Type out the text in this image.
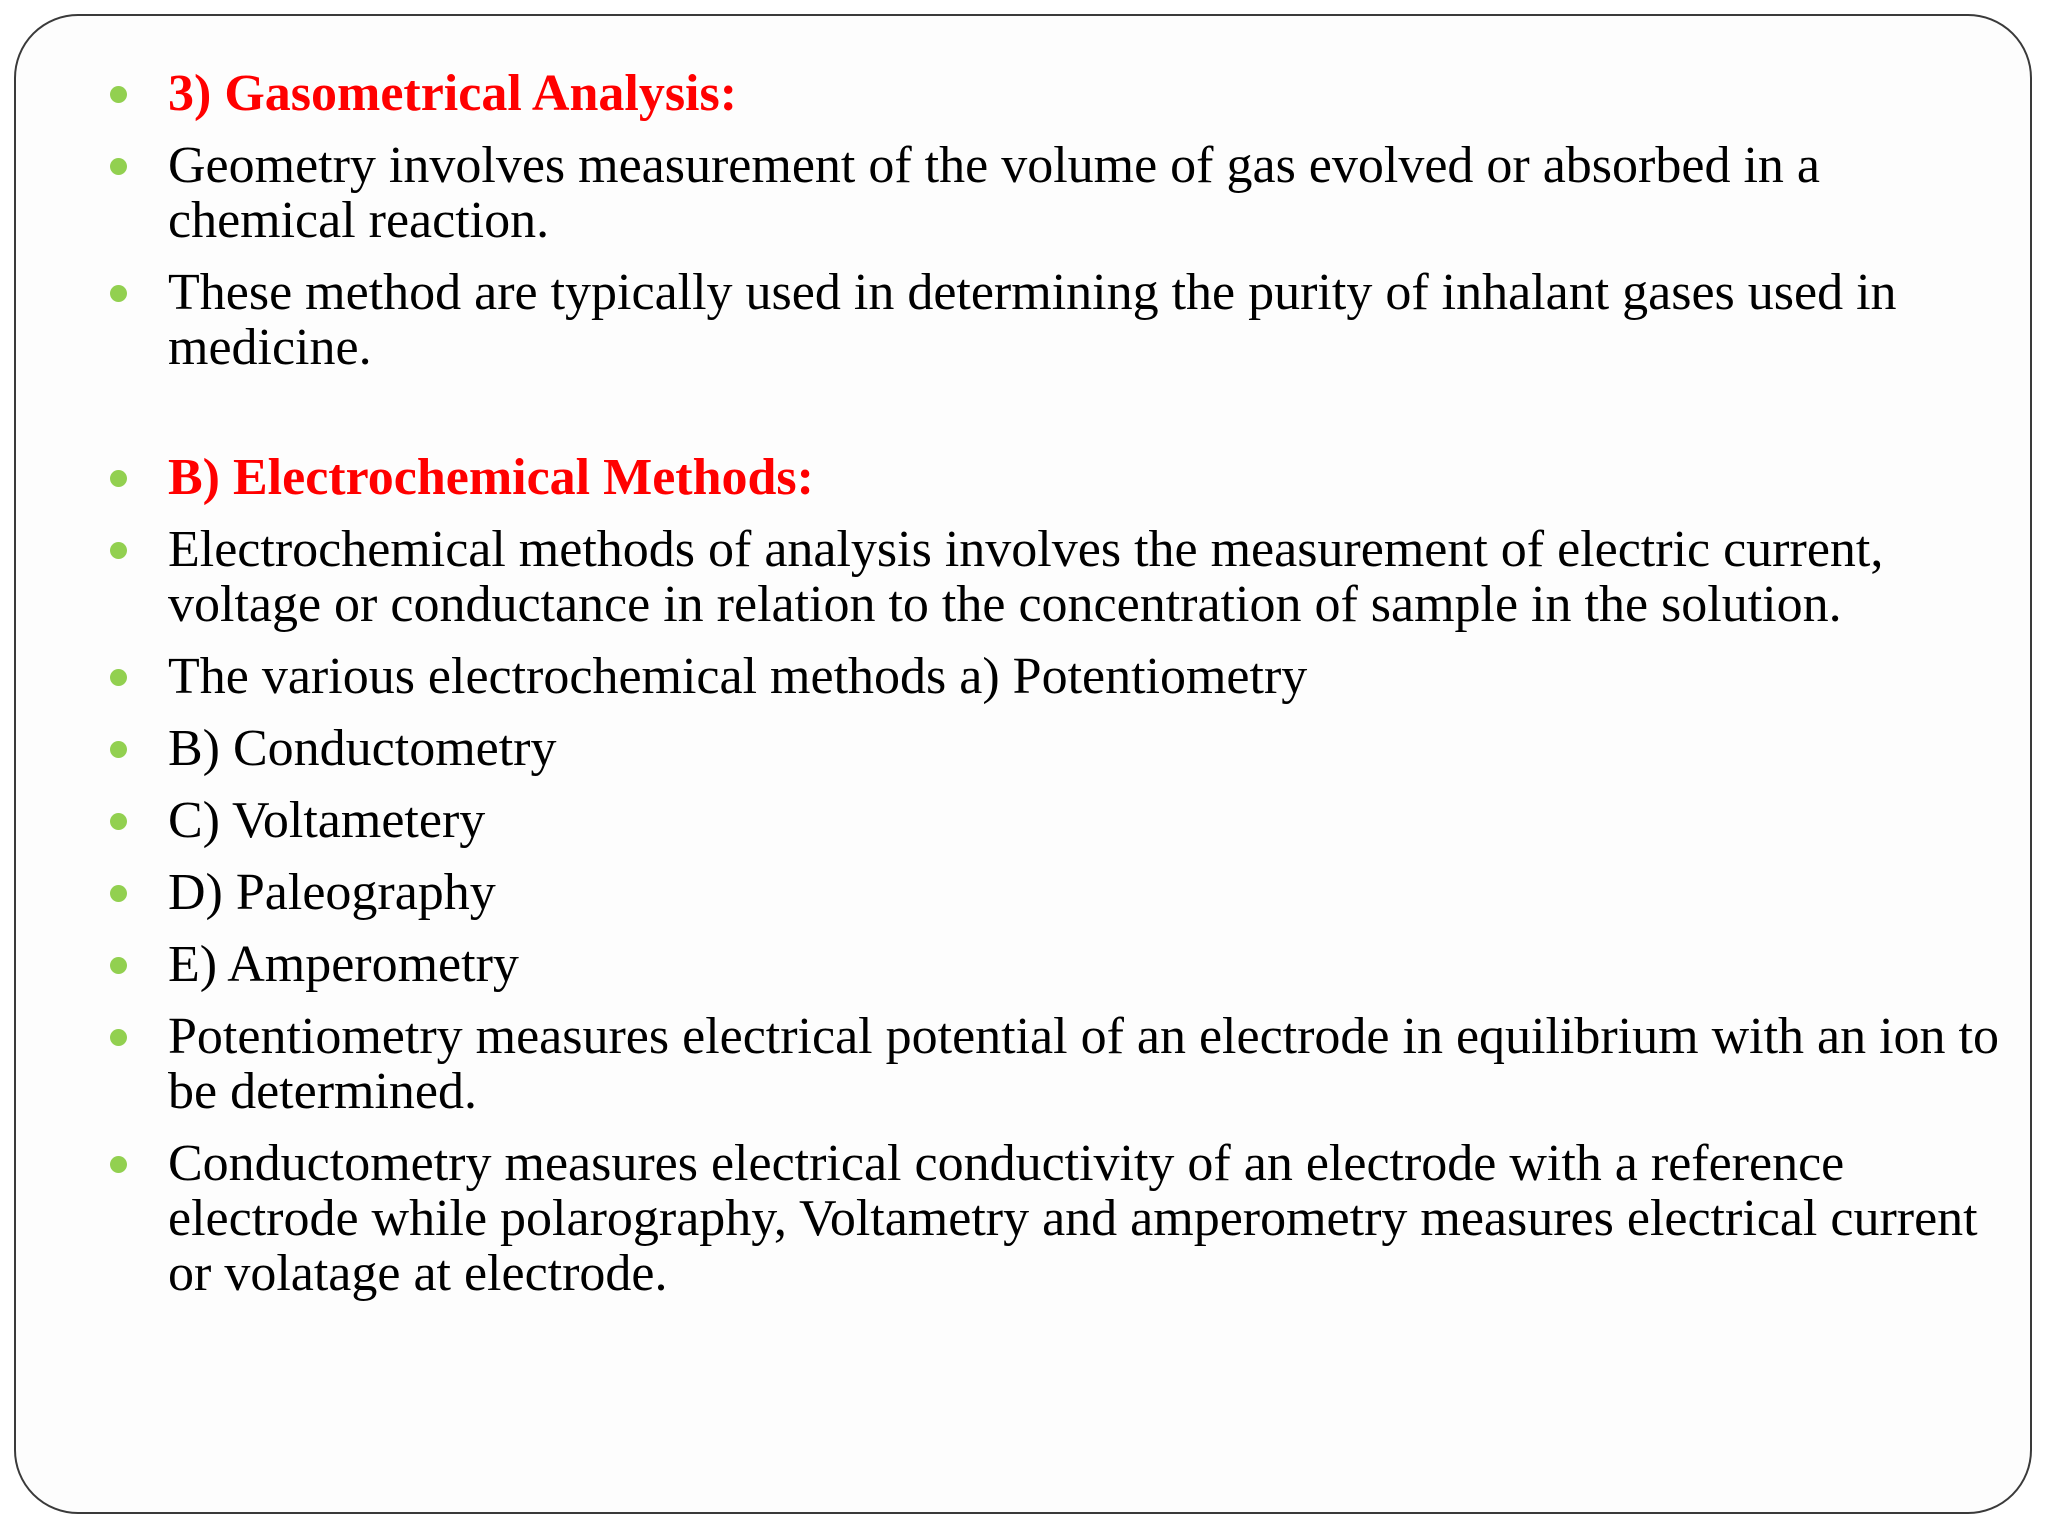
3) Gasometrical Analysis:
Geometry involves measurement of the volume of gas evolved or absorbed in a chemical reaction.
These method are typically used in determining the purity of inhalant gases used in medicine.
B) Electrochemical Methods:
Electrochemical methods of analysis involves the measurement of electric current, voltage or conductance in relation to the concentration of sample in the solution.
The various electrochemical methods a) Potentiometry
B) Conductometry
C) Voltametery
D) Paleography
E) Amperometry
Potentiometry measures electrical potential of an electrode in equilibrium with an ion to be determined.
Conductometry measures electrical conductivity of an electrode with a reference electrode while polarography, Voltametry and amperometry measures electrical current or volatage at electrode.
